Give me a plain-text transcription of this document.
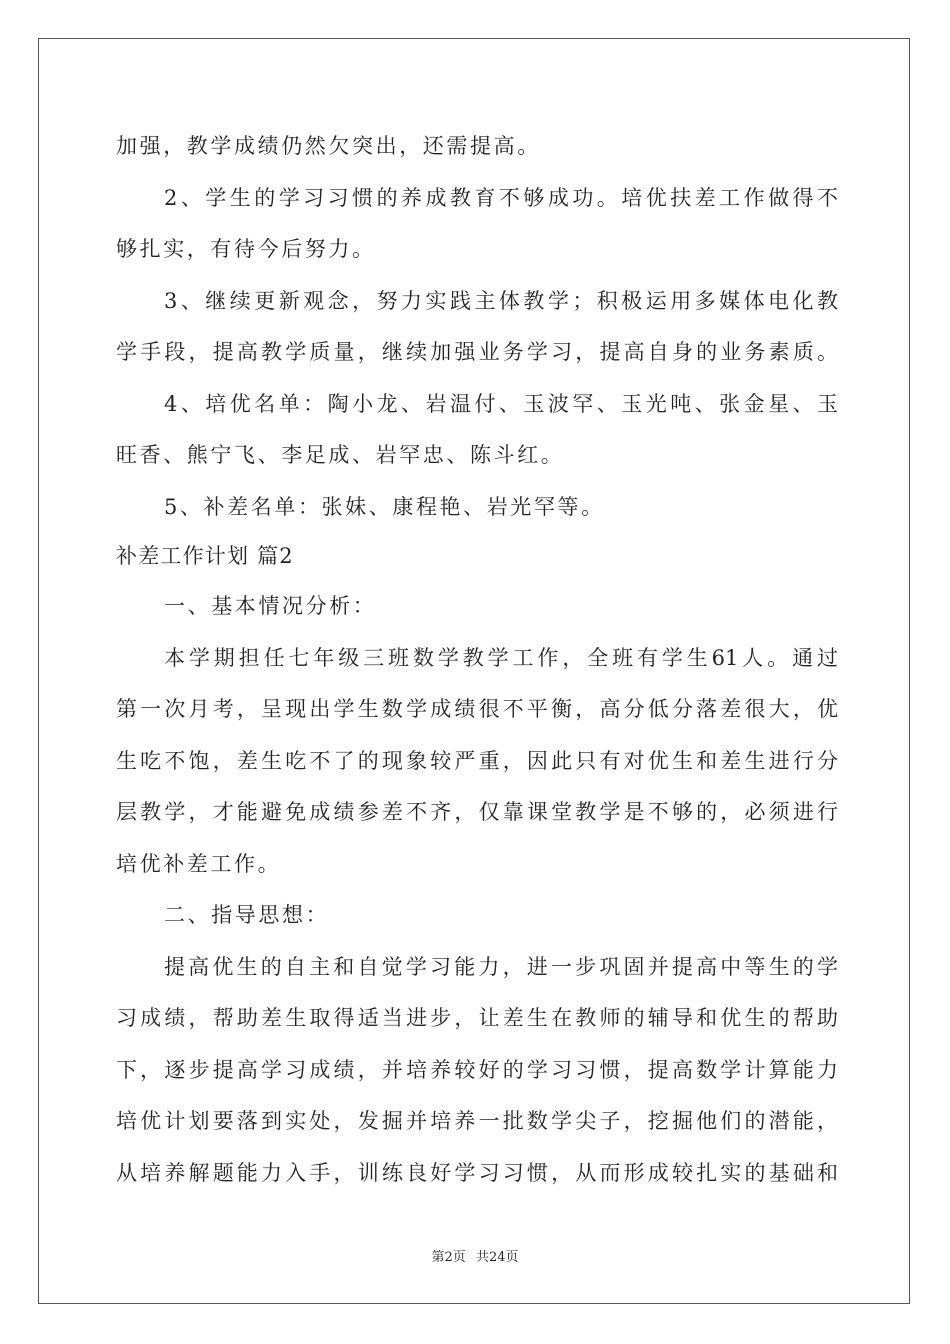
加强，教学成绩仍然欠突出，还需提高。
2、学生的学习习惯的养成教育不够成功。培优扶差工作做得不
够扎实，有待今后努力。
3、继续更新观念，努力实践主体教学；积极运用多媒体电化教
学手段，提高教学质量，继续加强业务学习，提高自身的业务素质。
4、培优名单：陶小龙、岩温付、玉波罕、玉光吨、张金星、玉
旺香、熊宁飞、李足成、岩罕忠、陈斗红。
5、补差名单：张妹、康程艳、岩光罕等。
补差工作计划 篇2
一、基本情况分析：
本学期担任七年级三班数学教学工作，全班有学生61人。通过
第一次月考，呈现出学生数学成绩很不平衡，高分低分落差很大，优
生吃不饱，差生吃不了的现象较严重，因此只有对优生和差生进行分
层教学，才能避免成绩参差不齐，仅靠课堂教学是不够的，必须进行
培优补差工作。
二、指导思想：
提高优生的自主和自觉学习能力，进一步巩固并提高中等生的学
习成绩，帮助差生取得适当进步，让差生在教师的辅导和优生的帮助
下，逐步提高学习成绩，并培养较好的学习习惯，提高数学计算能力
培优计划要落到实处，发掘并培养一批数学尖子，挖掘他们的潜能，
从培养解题能力入手，训练良好学习习惯，从而形成较扎实的基础和
第2页 共24页
